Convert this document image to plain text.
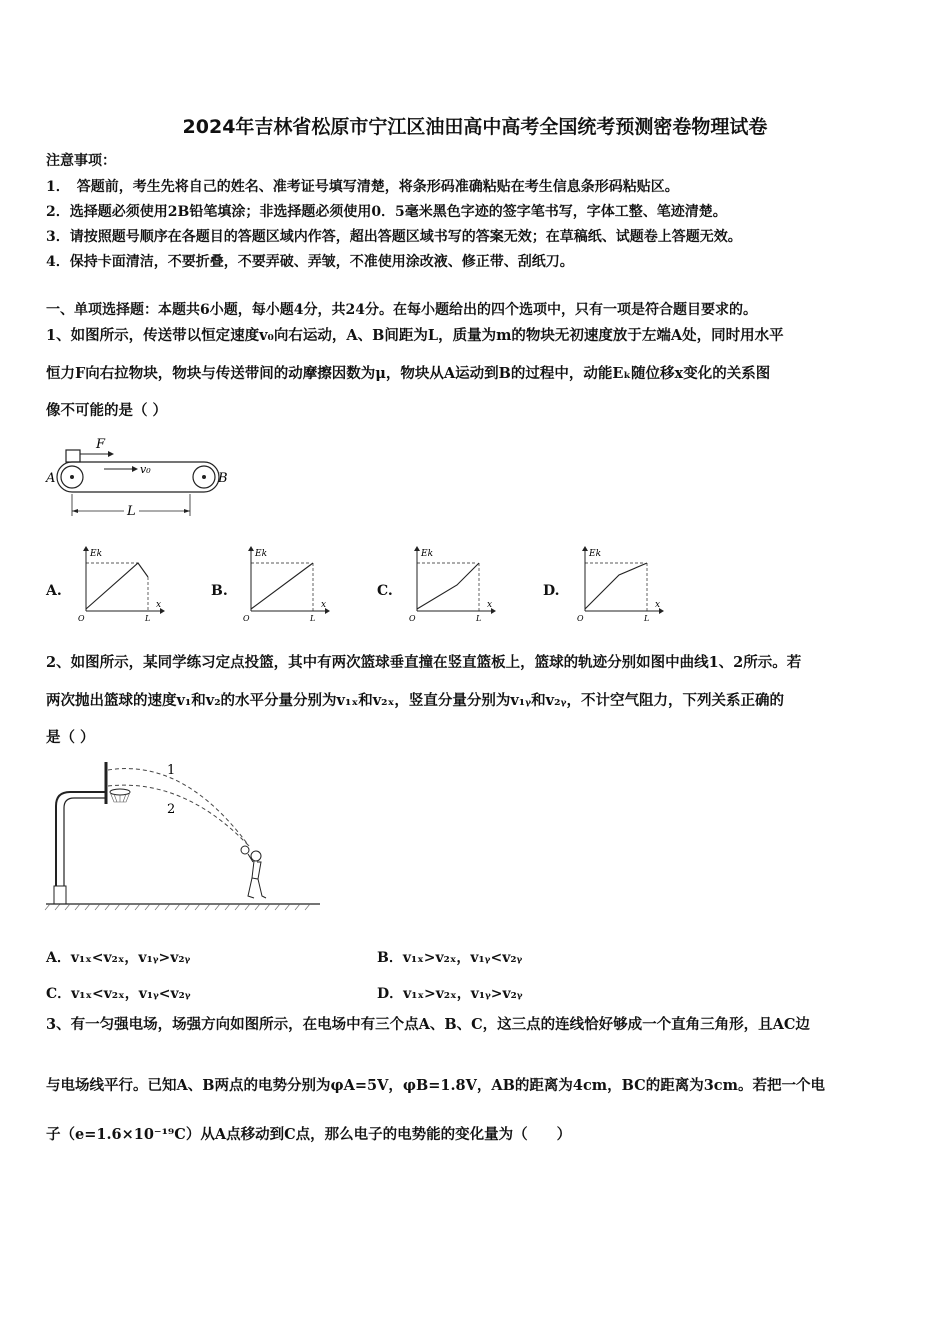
2024年吉林省松原市宁江区油田高中高考全国统考预测密卷物理试卷
注意事项：
1．　答题前，考生先将自己的姓名、准考证号填写清楚，将条形码准确粘贴在考生信息条形码粘贴区。
2．选择题必须使用2B铅笔填涂；非选择题必须使用0．5毫米黑色字迹的签字笔书写，字体工整、笔迹清楚。
3．请按照题号顺序在各题目的答题区域内作答，超出答题区域书写的答案无效；在草稿纸、试题卷上答题无效。
4．保持卡面清洁，不要折叠，不要弄破、弄皱，不准使用涂改液、修正带、刮纸刀。
一、单项选择题：本题共6小题，每小题4分，共24分。在每小题给出的四个选项中，只有一项是符合题目要求的。
1、如图所示，传送带以恒定速度v₀向右运动，A、B间距为L，质量为m的物块无初速度放于左端A处，同时用水平
恒力F向右拉物块，物块与传送带间的动摩擦因数为μ，物块从A运动到B的过程中，动能Eₖ随位移x变化的关系图
像不可能的是（ ）
F
v₀
A	B
L
A.
Ek
x
O	L
B.
Ek
x
O	L
C.
Ek
x
O	L
D.
Ek
x
O	L
2、如图所示，某同学练习定点投篮，其中有两次篮球垂直撞在竖直篮板上，篮球的轨迹分别如图中曲线1、2所示。若
两次抛出篮球的速度v₁和v₂的水平分量分别为v₁ₓ和v₂ₓ，竖直分量分别为v₁ᵧ和v₂ᵧ，不计空气阻力，下列关系正确的
是（ ）
1
2
A．v₁ₓ<v₂ₓ，v₁ᵧ>v₂ᵧ	B．v₁ₓ>v₂ₓ，v₁ᵧ<v₂ᵧ
C．v₁ₓ<v₂ₓ，v₁ᵧ<v₂ᵧ	D．v₁ₓ>v₂ₓ，v₁ᵧ>v₂ᵧ
3、有一匀强电场，场强方向如图所示，在电场中有三个点A、B、C，这三点的连线恰好够成一个直角三角形，且AC边
与电场线平行。已知A、B两点的电势分别为φA=5V，φB=1.8V，AB的距离为4cm，BC的距离为3cm。若把一个电
子（e=1.6×10⁻¹⁹C）从A点移动到C点，那么电子的电势能的变化量为（　　）
